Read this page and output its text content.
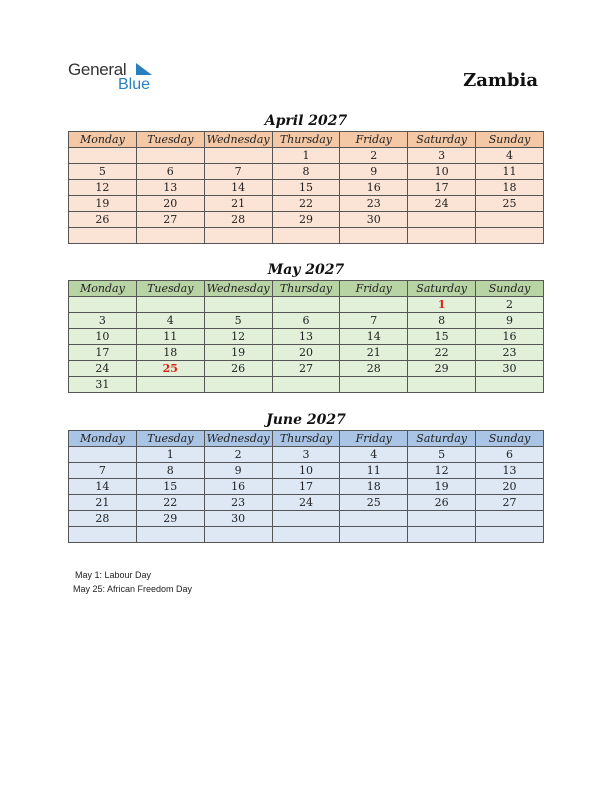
General
Blue	Zambia
April 2027
Monday	Tuesday	Wednesday	Thursday	Friday	Saturday	Sunday
			1	2	3	4
5	6	7	8	9	10	11
12	13	14	15	16	17	18
19	20	21	22	23	24	25
26	27	28	29	30		

May 2027
Monday	Tuesday	Wednesday	Thursday	Friday	Saturday	Sunday
					1	2
3	4	5	6	7	8	9
10	11	12	13	14	15	16
17	18	19	20	21	22	23
24	25	26	27	28	29	30
31						
June 2027
Monday	Tuesday	Wednesday	Thursday	Friday	Saturday	Sunday
	1	2	3	4	5	6
7	8	9	10	11	12	13
14	15	16	17	18	19	20
21	22	23	24	25	26	27
28	29	30				

May 1: Labour Day
May 25: African Freedom Day
